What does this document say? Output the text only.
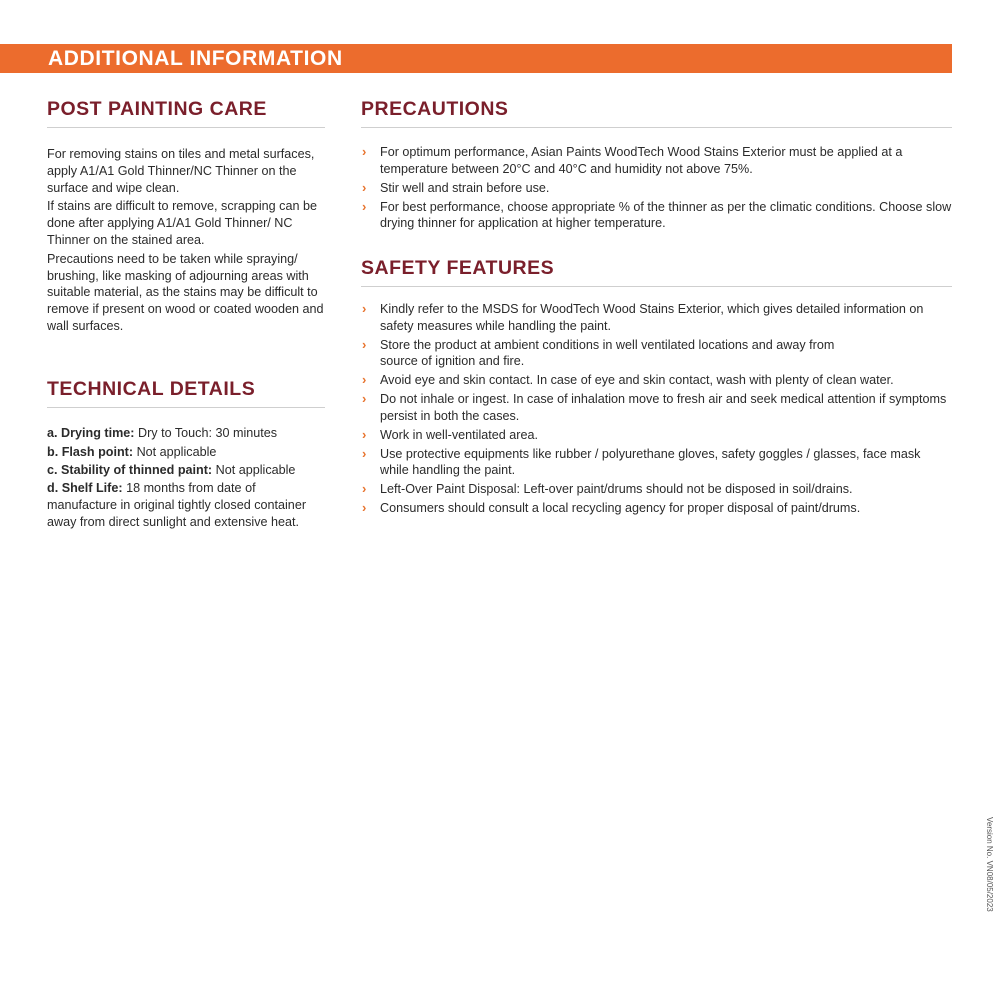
ADDITIONAL INFORMATION
POST PAINTING CARE

For removing stains on tiles and metal surfaces, apply A1/A1 Gold Thinner/NC Thinner on the surface and wipe clean.

If stains are difficult to remove, scrapping can be done after applying A1/A1 Gold Thinner/ NC Thinner on the stained area.

Precautions need to be taken while spraying/ brushing, like masking of adjourning areas with suitable material, as the stains may be difficult to remove if present on wood or coated wooden and wall surfaces.

TECHNICAL DETAILS

a. Drying time: Dry to Touch: 30 minutes

b. Flash point: Not applicable

c. Stability of thinned paint: Not applicable

d. Shelf Life: 18 months from date of manufacture in original tightly closed container away from direct sunlight and extensive heat.

PRECAUTIONS
› For optimum performance, Asian Paints WoodTech Wood Stains Exterior must be applied at a temperature between 20°C and 40°C and humidity not above 75%.
› Stir well and strain before use.
› For best performance, choose appropriate % of the thinner as per the climatic conditions. Choose slow drying thinner for application at higher temperature.
SAFETY FEATURES
› Kindly refer to the MSDS for WoodTech Wood Stains Exterior, which gives detailed information on safety measures while handling the paint.
› Store the product at ambient conditions in well ventilated locations and away from source of ignition and fire.
› Avoid eye and skin contact. In case of eye and skin contact, wash with plenty of clean water.
› Do not inhale or ingest. In case of inhalation move to fresh air and seek medical attention if symptoms persist in both the cases.
› Work in well-ventilated area.
› Use protective equipments like rubber / polyurethane gloves, safety goggles / glasses, face mask while handling the paint.
› Left-Over Paint Disposal: Left-over paint/drums should not be disposed in soil/drains.
› Consumers should consult a local recycling agency for proper disposal of paint/drums.
Version No. VN08/05/2023
